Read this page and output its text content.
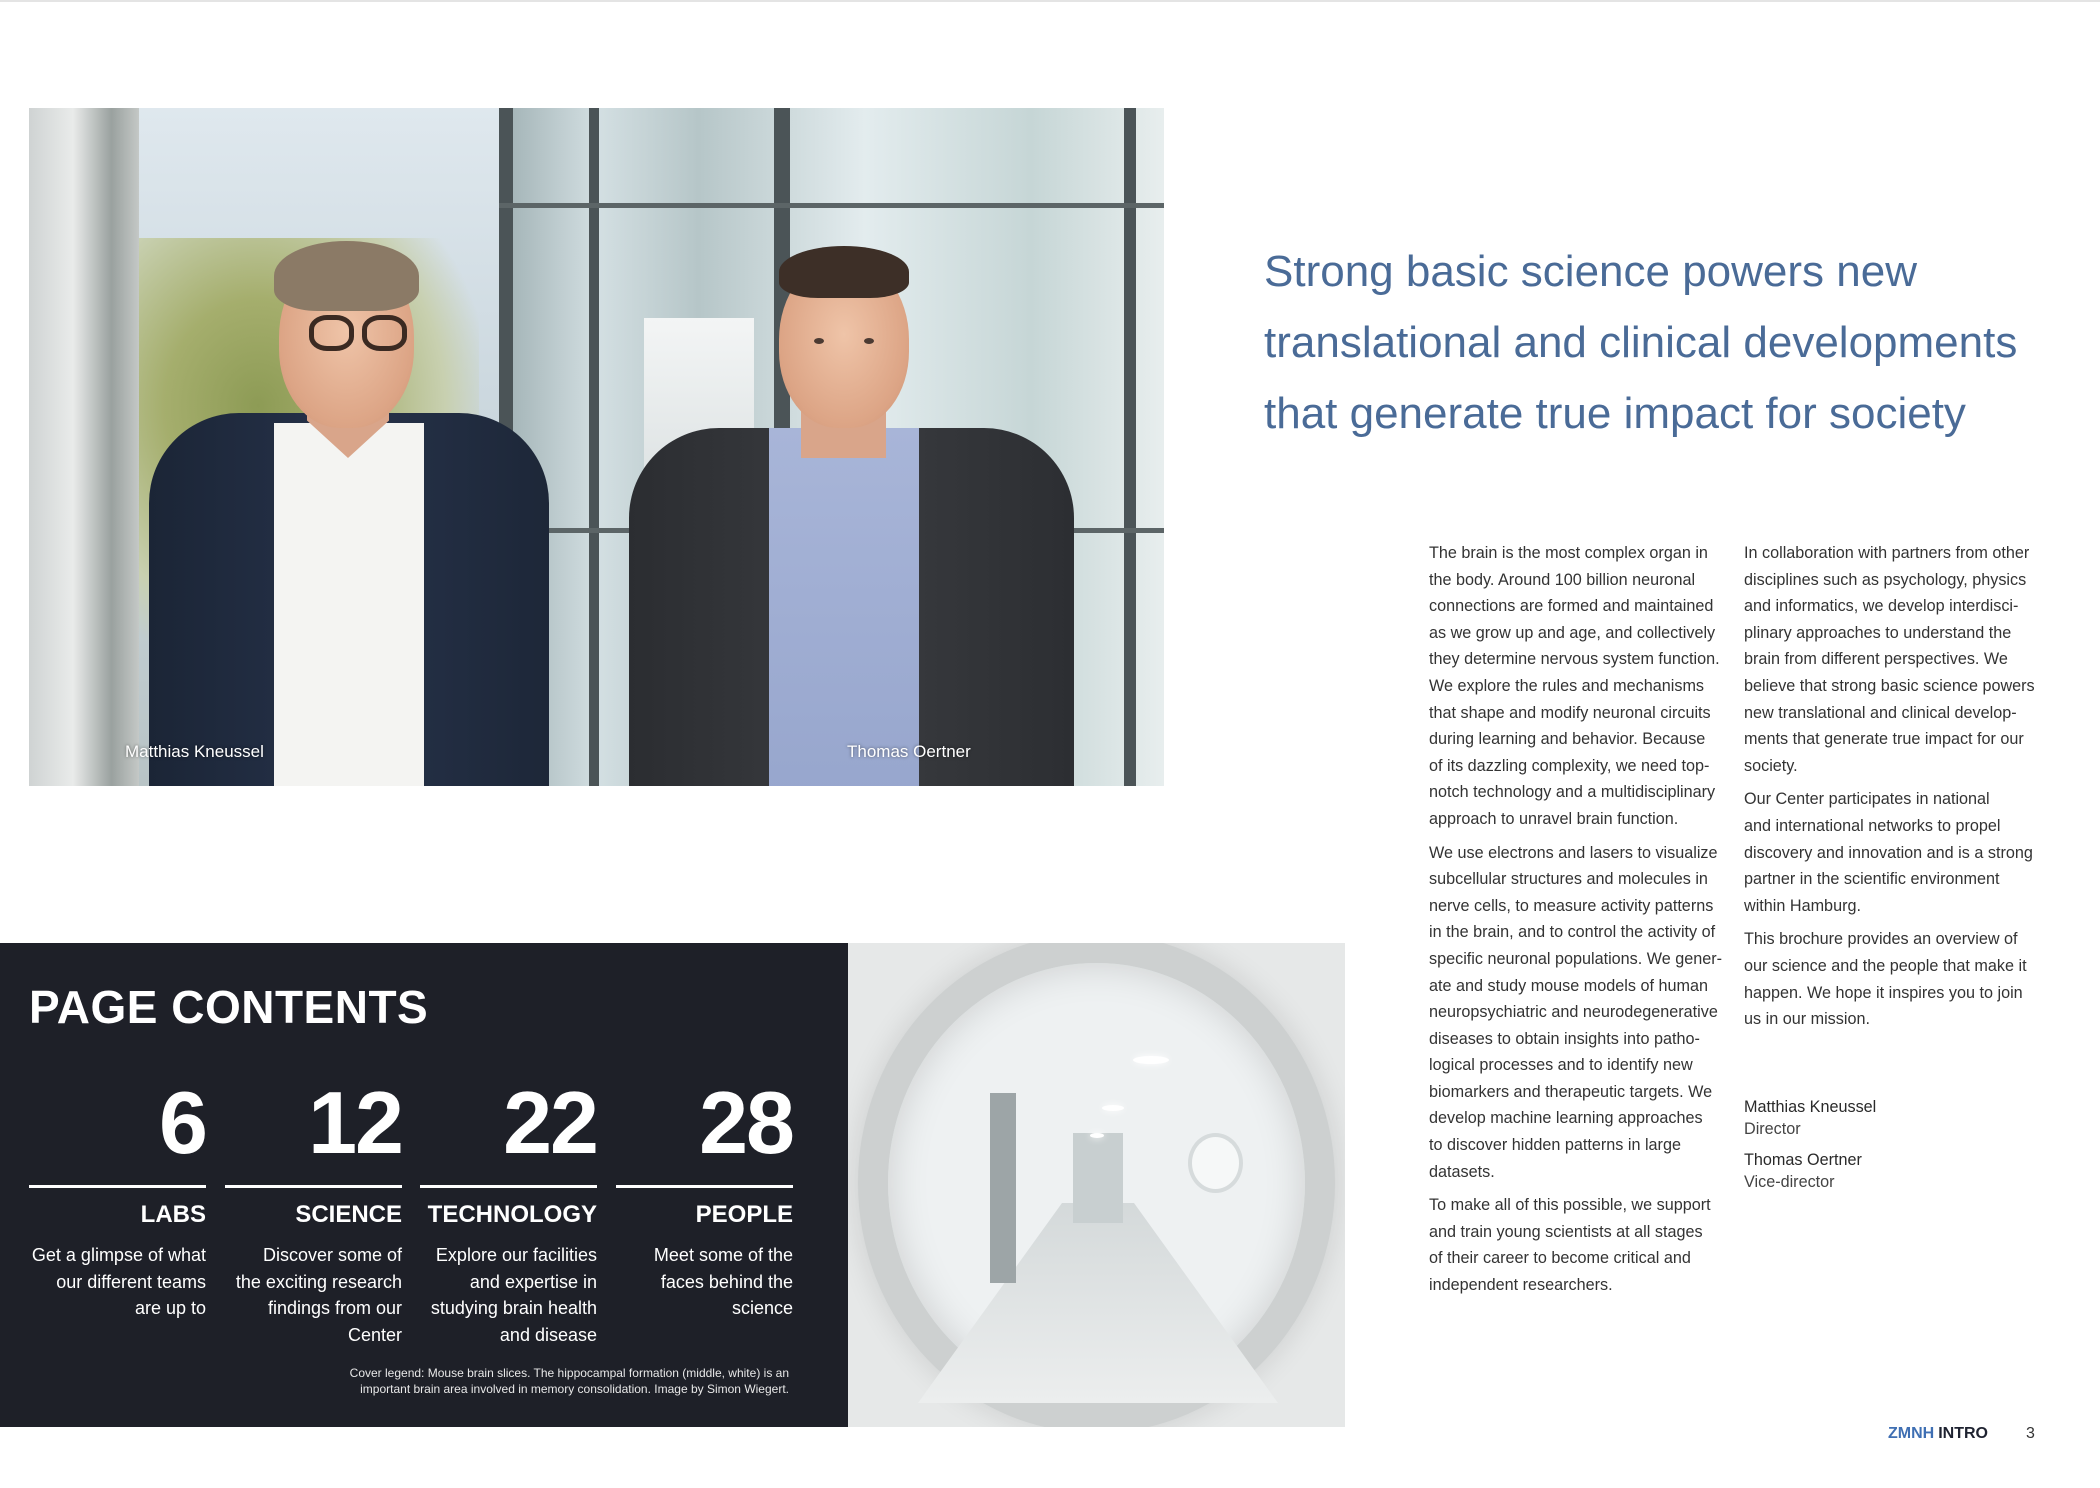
Matthias Kneussel	Thomas Oertner
Strong basic science powers new
translational and clinical developments
that generate true impact for society

The brain is the most complex organ in
the body. Around 100 billion neuronal
connections are formed and maintained
as we grow up and age, and collectively
they determine nervous system function.
We explore the rules and mechanisms
that shape and modify neuronal circuits
during learning and behavior. Because
of its dazzling complexity, we need top-
notch technology and a multidisciplinary
approach to unravel brain function.

We use electrons and lasers to visualize
subcellular structures and molecules in
nerve cells, to measure activity patterns
in the brain, and to control the activity of
specific neuronal populations. We gener-
ate and study mouse models of human
neuropsychiatric and neurodegenerative
diseases to obtain insights into patho-
logical processes and to identify new
biomarkers and therapeutic targets. We
develop machine learning approaches
to discover hidden patterns in large
datasets.

To make all of this possible, we support
and train young scientists at all stages
of their career to become critical and
independent researchers.

In collaboration with partners from other
disciplines such as psychology, physics
and informatics, we develop interdisci-
plinary approaches to understand the
brain from different perspectives. We
believe that strong basic science powers
new translational and clinical develop-
ments that generate true impact for our
society.

Our Center participates in national
and international networks to propel
discovery and innovation and is a strong
partner in the scientific environment
within Hamburg.

This brochure provides an overview of
our science and the people that make it
happen. We hope it inspires you to join
us in our mission.

Matthias Kneussel
Director
Thomas Oertner
Vice-director
PAGE CONTENTS
6
LABS
Get a glimpse of what
our different teams
are up to
12
SCIENCE
Discover some of
the exciting research
findings from our
Center
22
TECHNOLOGY
Explore our facilities
and expertise in
studying brain health
and disease
28
PEOPLE
Meet some of the
faces behind the
science
Cover legend: Mouse brain slices. The hippocampal formation (middle, white) is an
important brain area involved in memory consolidation. Image by Simon Wiegert.
ZMNH INTRO 3
